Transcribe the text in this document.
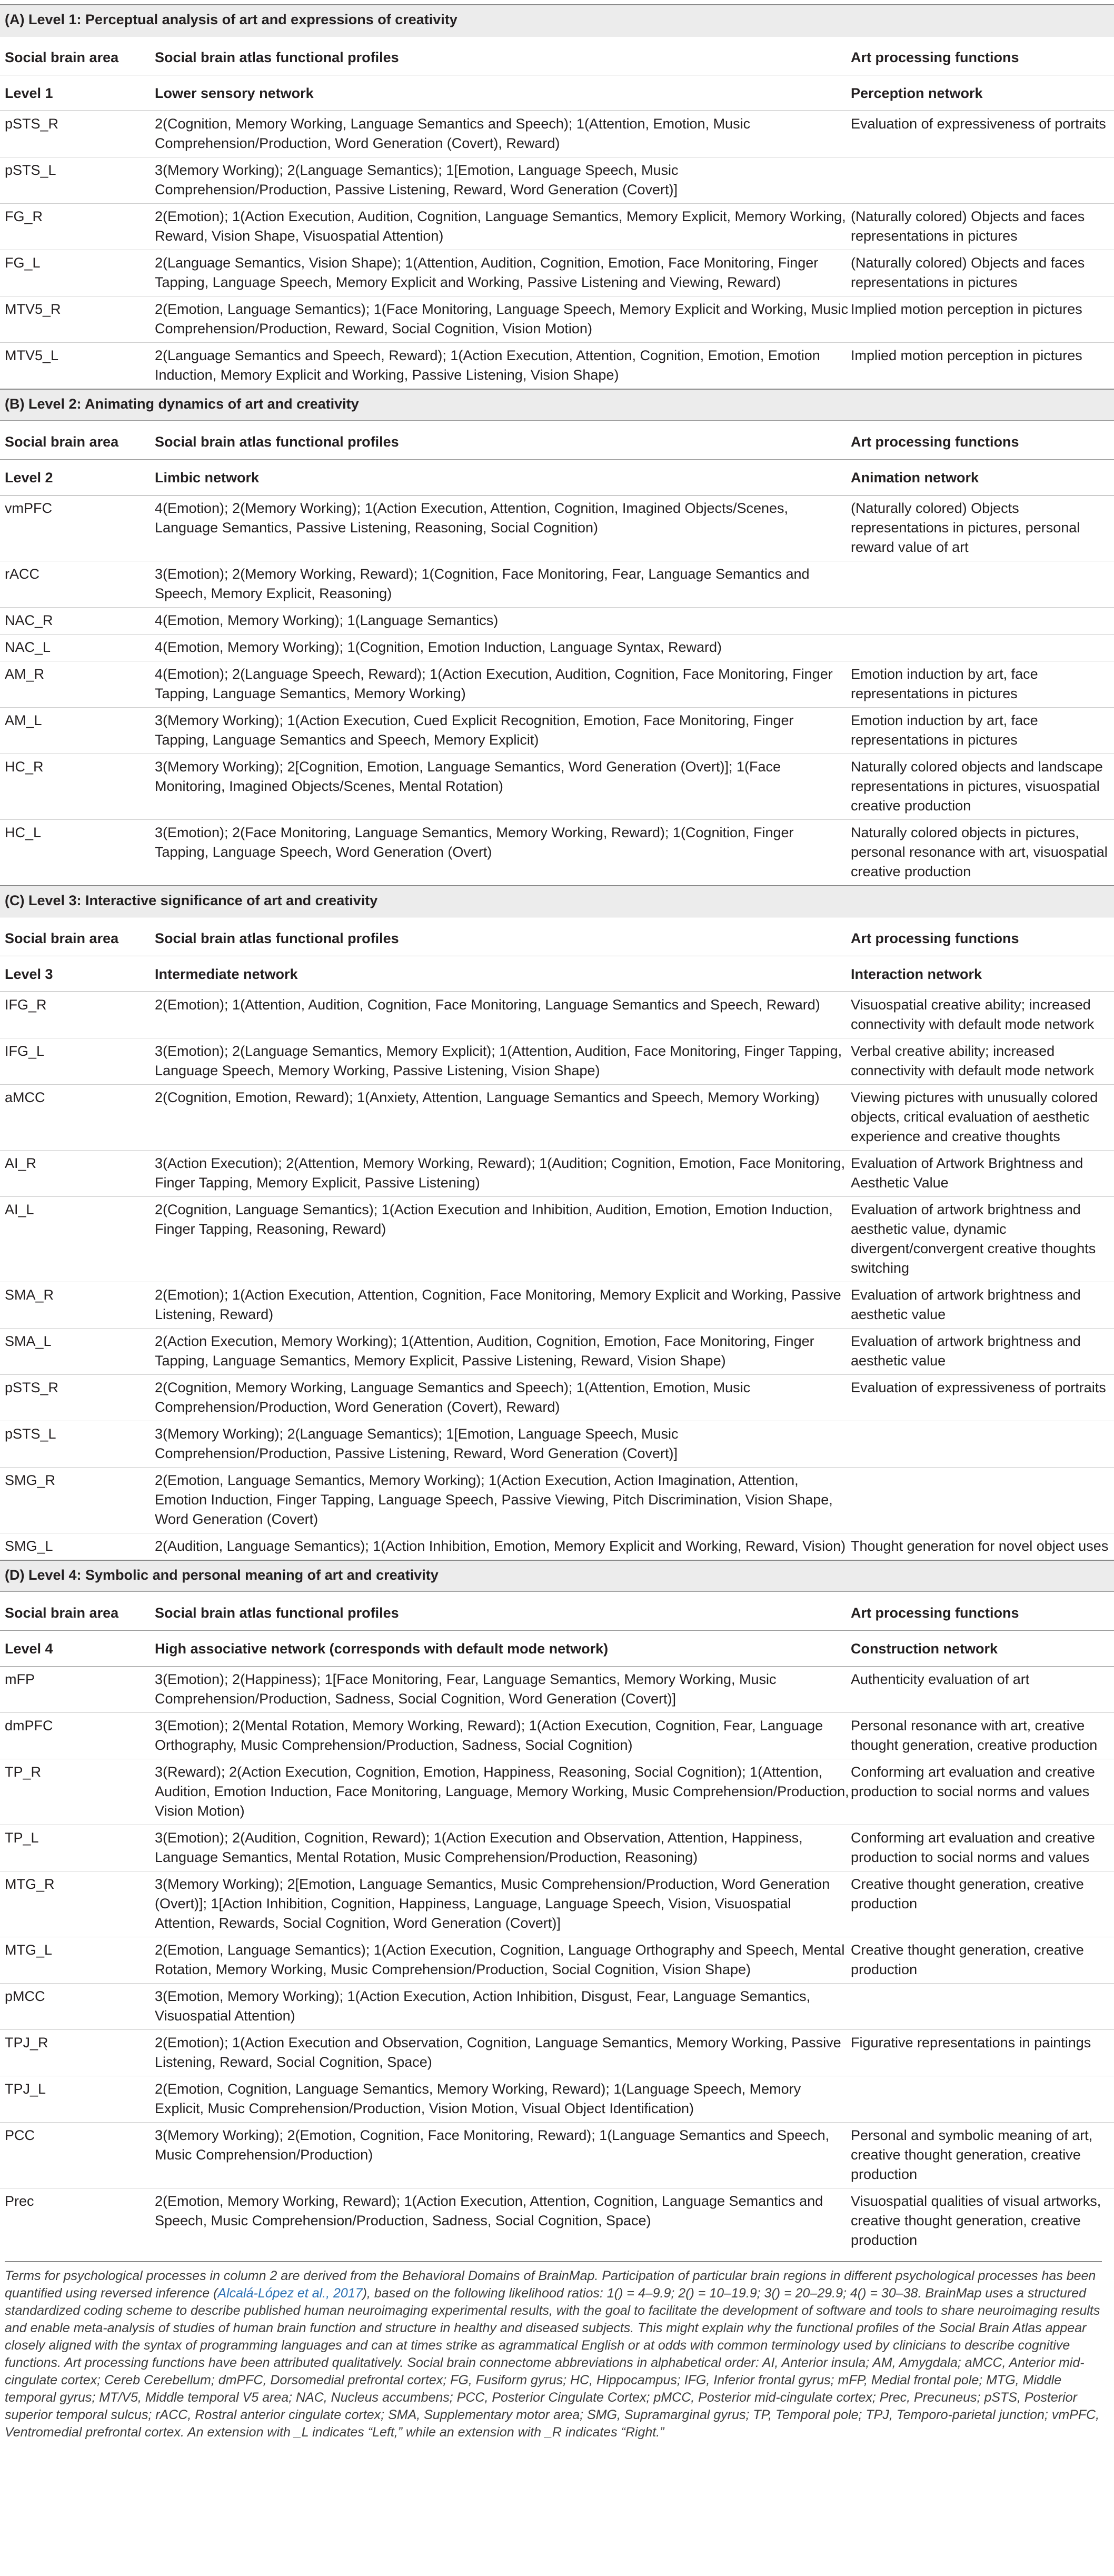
(A) Level 1: Perceptual analysis of art and expressions of creativity		
Social brain area	Social brain atlas functional profiles	Art processing functions
Level 1	Lower sensory network	Perception network
pSTS_R	2(Cognition, Memory Working, Language Semantics and Speech); 1(Attention, Emotion, Music Comprehension/Production, Word Generation (Covert), Reward)	Evaluation of expressiveness of portraits
pSTS_L	3(Memory Working); 2(Language Semantics); 1[Emotion, Language Speech, Music Comprehension/Production, Passive Listening, Reward, Word Generation (Covert)]	
FG_R	2(Emotion); 1(Action Execution, Audition, Cognition, Language Semantics, Memory Explicit, Memory Working, Reward, Vision Shape, Visuospatial Attention)	(Naturally colored) Objects and faces representations in pictures
FG_L	2(Language Semantics, Vision Shape); 1(Attention, Audition, Cognition, Emotion, Face Monitoring, Finger Tapping, Language Speech, Memory Explicit and Working, Passive Listening and Viewing, Reward)	(Naturally colored) Objects and faces representations in pictures
MTV5_R	2(Emotion, Language Semantics); 1(Face Monitoring, Language Speech, Memory Explicit and Working, Music Comprehension/Production, Reward, Social Cognition, Vision Motion)	Implied motion perception in pictures
MTV5_L	2(Language Semantics and Speech, Reward); 1(Action Execution, Attention, Cognition, Emotion, Emotion Induction, Memory Explicit and Working, Passive Listening, Vision Shape)	Implied motion perception in pictures
(B) Level 2: Animating dynamics of art and creativity		
Social brain area	Social brain atlas functional profiles	Art processing functions
Level 2	Limbic network	Animation network
vmPFC	4(Emotion); 2(Memory Working); 1(Action Execution, Attention, Cognition, Imagined Objects/Scenes, Language Semantics, Passive Listening, Reasoning, Social Cognition)	(Naturally colored) Objects representations in pictures, personal reward value of art
rACC	3(Emotion); 2(Memory Working, Reward); 1(Cognition, Face Monitoring, Fear, Language Semantics and Speech, Memory Explicit, Reasoning)	
NAC_R	4(Emotion, Memory Working); 1(Language Semantics)	
NAC_L	4(Emotion, Memory Working); 1(Cognition, Emotion Induction, Language Syntax, Reward)	
AM_R	4(Emotion); 2(Language Speech, Reward); 1(Action Execution, Audition, Cognition, Face Monitoring, Finger Tapping, Language Semantics, Memory Working)	Emotion induction by art, face representations in pictures
AM_L	3(Memory Working); 1(Action Execution, Cued Explicit Recognition, Emotion, Face Monitoring, Finger Tapping, Language Semantics and Speech, Memory Explicit)	Emotion induction by art, face representations in pictures
HC_R	3(Memory Working); 2[Cognition, Emotion, Language Semantics, Word Generation (Overt)]; 1(Face Monitoring, Imagined Objects/Scenes, Mental Rotation)	Naturally colored objects and landscape representations in pictures, visuospatial creative production
HC_L	3(Emotion); 2(Face Monitoring, Language Semantics, Memory Working, Reward); 1(Cognition, Finger Tapping, Language Speech, Word Generation (Overt)	Naturally colored objects in pictures, personal resonance with art, visuospatial creative production
(C) Level 3: Interactive significance of art and creativity		
Social brain area	Social brain atlas functional profiles	Art processing functions
Level 3	Intermediate network	Interaction network
IFG_R	2(Emotion); 1(Attention, Audition, Cognition, Face Monitoring, Language Semantics and Speech, Reward)	Visuospatial creative ability; increased connectivity with default mode network
IFG_L	3(Emotion); 2(Language Semantics, Memory Explicit); 1(Attention, Audition, Face Monitoring, Finger Tapping, Language Speech, Memory Working, Passive Listening, Vision Shape)	Verbal creative ability; increased connectivity with default mode network
aMCC	2(Cognition, Emotion, Reward); 1(Anxiety, Attention, Language Semantics and Speech, Memory Working)	Viewing pictures with unusually colored objects, critical evaluation of aesthetic experience and creative thoughts
AI_R	3(Action Execution); 2(Attention, Memory Working, Reward); 1(Audition; Cognition, Emotion, Face Monitoring, Finger Tapping, Memory Explicit, Passive Listening)	Evaluation of Artwork Brightness and Aesthetic Value
AI_L	2(Cognition, Language Semantics); 1(Action Execution and Inhibition, Audition, Emotion, Emotion Induction, Finger Tapping, Reasoning, Reward)	Evaluation of artwork brightness and aesthetic value, dynamic divergent/convergent creative thoughts switching
SMA_R	2(Emotion); 1(Action Execution, Attention, Cognition, Face Monitoring, Memory Explicit and Working, Passive Listening, Reward)	Evaluation of artwork brightness and aesthetic value
SMA_L	2(Action Execution, Memory Working); 1(Attention, Audition, Cognition, Emotion, Face Monitoring, Finger Tapping, Language Semantics, Memory Explicit, Passive Listening, Reward, Vision Shape)	Evaluation of artwork brightness and aesthetic value
pSTS_R	2(Cognition, Memory Working, Language Semantics and Speech); 1(Attention, Emotion, Music Comprehension/Production, Word Generation (Covert), Reward)	Evaluation of expressiveness of portraits
pSTS_L	3(Memory Working); 2(Language Semantics); 1[Emotion, Language Speech, Music Comprehension/Production, Passive Listening, Reward, Word Generation (Covert)]	
SMG_R	2(Emotion, Language Semantics, Memory Working); 1(Action Execution, Action Imagination, Attention, Emotion Induction, Finger Tapping, Language Speech, Passive Viewing, Pitch Discrimination, Vision Shape, Word Generation (Covert)	
SMG_L	2(Audition, Language Semantics); 1(Action Inhibition, Emotion, Memory Explicit and Working, Reward, Vision)	Thought generation for novel object uses
(D) Level 4: Symbolic and personal meaning of art and creativity		
Social brain area	Social brain atlas functional profiles	Art processing functions
Level 4	High associative network (corresponds with default mode network)	Construction network
mFP	3(Emotion); 2(Happiness); 1[Face Monitoring, Fear, Language Semantics, Memory Working, Music Comprehension/Production, Sadness, Social Cognition, Word Generation (Covert)]	Authenticity evaluation of art
dmPFC	3(Emotion); 2(Mental Rotation, Memory Working, Reward); 1(Action Execution, Cognition, Fear, Language Orthography, Music Comprehension/Production, Sadness, Social Cognition)	Personal resonance with art, creative thought generation, creative production
TP_R	3(Reward); 2(Action Execution, Cognition, Emotion, Happiness, Reasoning, Social Cognition); 1(Attention, Audition, Emotion Induction, Face Monitoring, Language, Memory Working, Music Comprehension/Production, Vision Motion)	Conforming art evaluation and creative production to social norms and values
TP_L	3(Emotion); 2(Audition, Cognition, Reward); 1(Action Execution and Observation, Attention, Happiness, Language Semantics, Mental Rotation, Music Comprehension/Production, Reasoning)	Conforming art evaluation and creative production to social norms and values
MTG_R	3(Memory Working); 2[Emotion, Language Semantics, Music Comprehension/Production, Word Generation (Overt)]; 1[Action Inhibition, Cognition, Happiness, Language, Language Speech, Vision, Visuospatial Attention, Rewards, Social Cognition, Word Generation (Covert)]	Creative thought generation, creative production
MTG_L	2(Emotion, Language Semantics); 1(Action Execution, Cognition, Language Orthography and Speech, Mental Rotation, Memory Working, Music Comprehension/Production, Social Cognition, Vision Shape)	Creative thought generation, creative production
pMCC	3(Emotion, Memory Working); 1(Action Execution, Action Inhibition, Disgust, Fear, Language Semantics, Visuospatial Attention)	
TPJ_R	2(Emotion); 1(Action Execution and Observation, Cognition, Language Semantics, Memory Working, Passive Listening, Reward, Social Cognition, Space)	Figurative representations in paintings
TPJ_L	2(Emotion, Cognition, Language Semantics, Memory Working, Reward); 1(Language Speech, Memory Explicit, Music Comprehension/Production, Vision Motion, Visual Object Identification)	
PCC	3(Memory Working); 2(Emotion, Cognition, Face Monitoring, Reward); 1(Language Semantics and Speech, Music Comprehension/Production)	Personal and symbolic meaning of art, creative thought generation, creative production
Prec	2(Emotion, Memory Working, Reward); 1(Action Execution, Attention, Cognition, Language Semantics and Speech, Music Comprehension/Production, Sadness, Social Cognition, Space)	Visuospatial qualities of visual artworks, creative thought generation, creative production
Terms for psychological processes in column 2 are derived from the Behavioral Domains of BrainMap. Participation of particular brain regions in different psychological processes has been quantified using reversed inference (Alcalá-López et al., 2017), based on the following likelihood ratios: 1() = 4–9.9; 2() = 10–19.9; 3() = 20–29.9; 4() = 30–38. BrainMap uses a structured standardized coding scheme to describe published human neuroimaging experimental results, with the goal to facilitate the development of software and tools to share neuroimaging results and enable meta-analysis of studies of human brain function and structure in healthy and diseased subjects. This might explain why the functional profiles of the Social Brain Atlas appear closely aligned with the syntax of programming languages and can at times strike as agrammatical English or at odds with common terminology used by clinicians to describe cognitive functions. Art processing functions have been attributed qualitatively. Social brain connectome abbreviations in alphabetical order: AI, Anterior insula; AM, Amygdala; aMCC, Anterior mid-cingulate cortex; Cereb Cerebellum; dmPFC, Dorsomedial prefrontal cortex; FG, Fusiform gyrus; HC, Hippocampus; IFG, Inferior frontal gyrus; mFP, Medial frontal pole; MTG, Middle temporal gyrus; MT/V5, Middle temporal V5 area; NAC, Nucleus accumbens; PCC, Posterior Cingulate Cortex; pMCC, Posterior mid-cingulate cortex; Prec, Precuneus; pSTS, Posterior superior temporal sulcus; rACC, Rostral anterior cingulate cortex; SMA, Supplementary motor area; SMG, Supramarginal gyrus; TP, Temporal pole; TPJ, Temporo-parietal junction; vmPFC, Ventromedial prefrontal cortex. An extension with _L indicates “Left,” while an extension with _R indicates “Right.”
